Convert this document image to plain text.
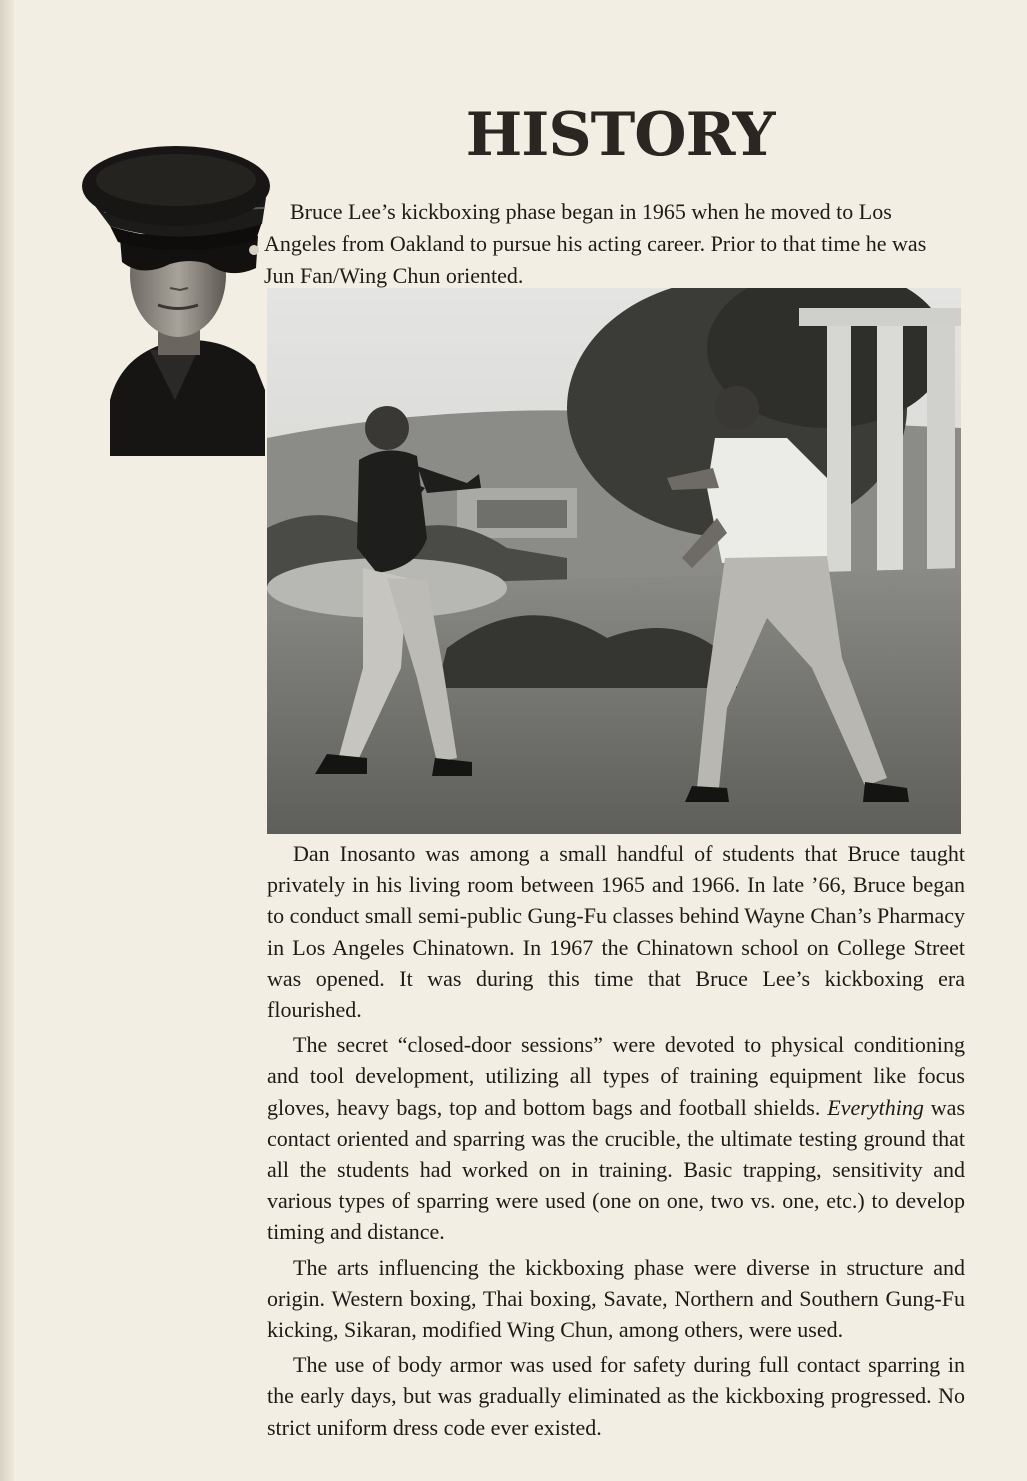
HISTORY

Bruce Lee’s kickboxing phase began in 1965 when he moved to Los Angeles from Oakland to pursue his acting career. Prior to that time he was Jun Fan/Wing Chun oriented.

Dan Inosanto was among a small handful of students that Bruce taught privately in his living room between 1965 and 1966. In late ’66, Bruce began to conduct small semi-public Gung-Fu classes behind Wayne Chan’s Pharmacy in Los Angeles Chinatown. In 1967 the Chinatown school on College Street was opened. It was during this time that Bruce Lee’s kickboxing era flourished.

The secret “closed-door sessions” were devoted to physical conditioning and tool development, utilizing all types of training equipment like focus gloves, heavy bags, top and bottom bags and football shields. Everything was contact oriented and sparring was the crucible, the ultimate testing ground that all the students had worked on in training. Basic trapping, sensitivity and various types of sparring were used (one on one, two vs. one, etc.) to develop timing and distance.

The arts influencing the kickboxing phase were diverse in structure and origin. Western boxing, Thai boxing, Savate, Northern and Southern Gung-Fu kicking, Sikaran, modified Wing Chun, among others, were used.

The use of body armor was used for safety during full contact sparring in the early days, but was gradually eliminated as the kickboxing progressed. No strict uniform dress code ever existed.
